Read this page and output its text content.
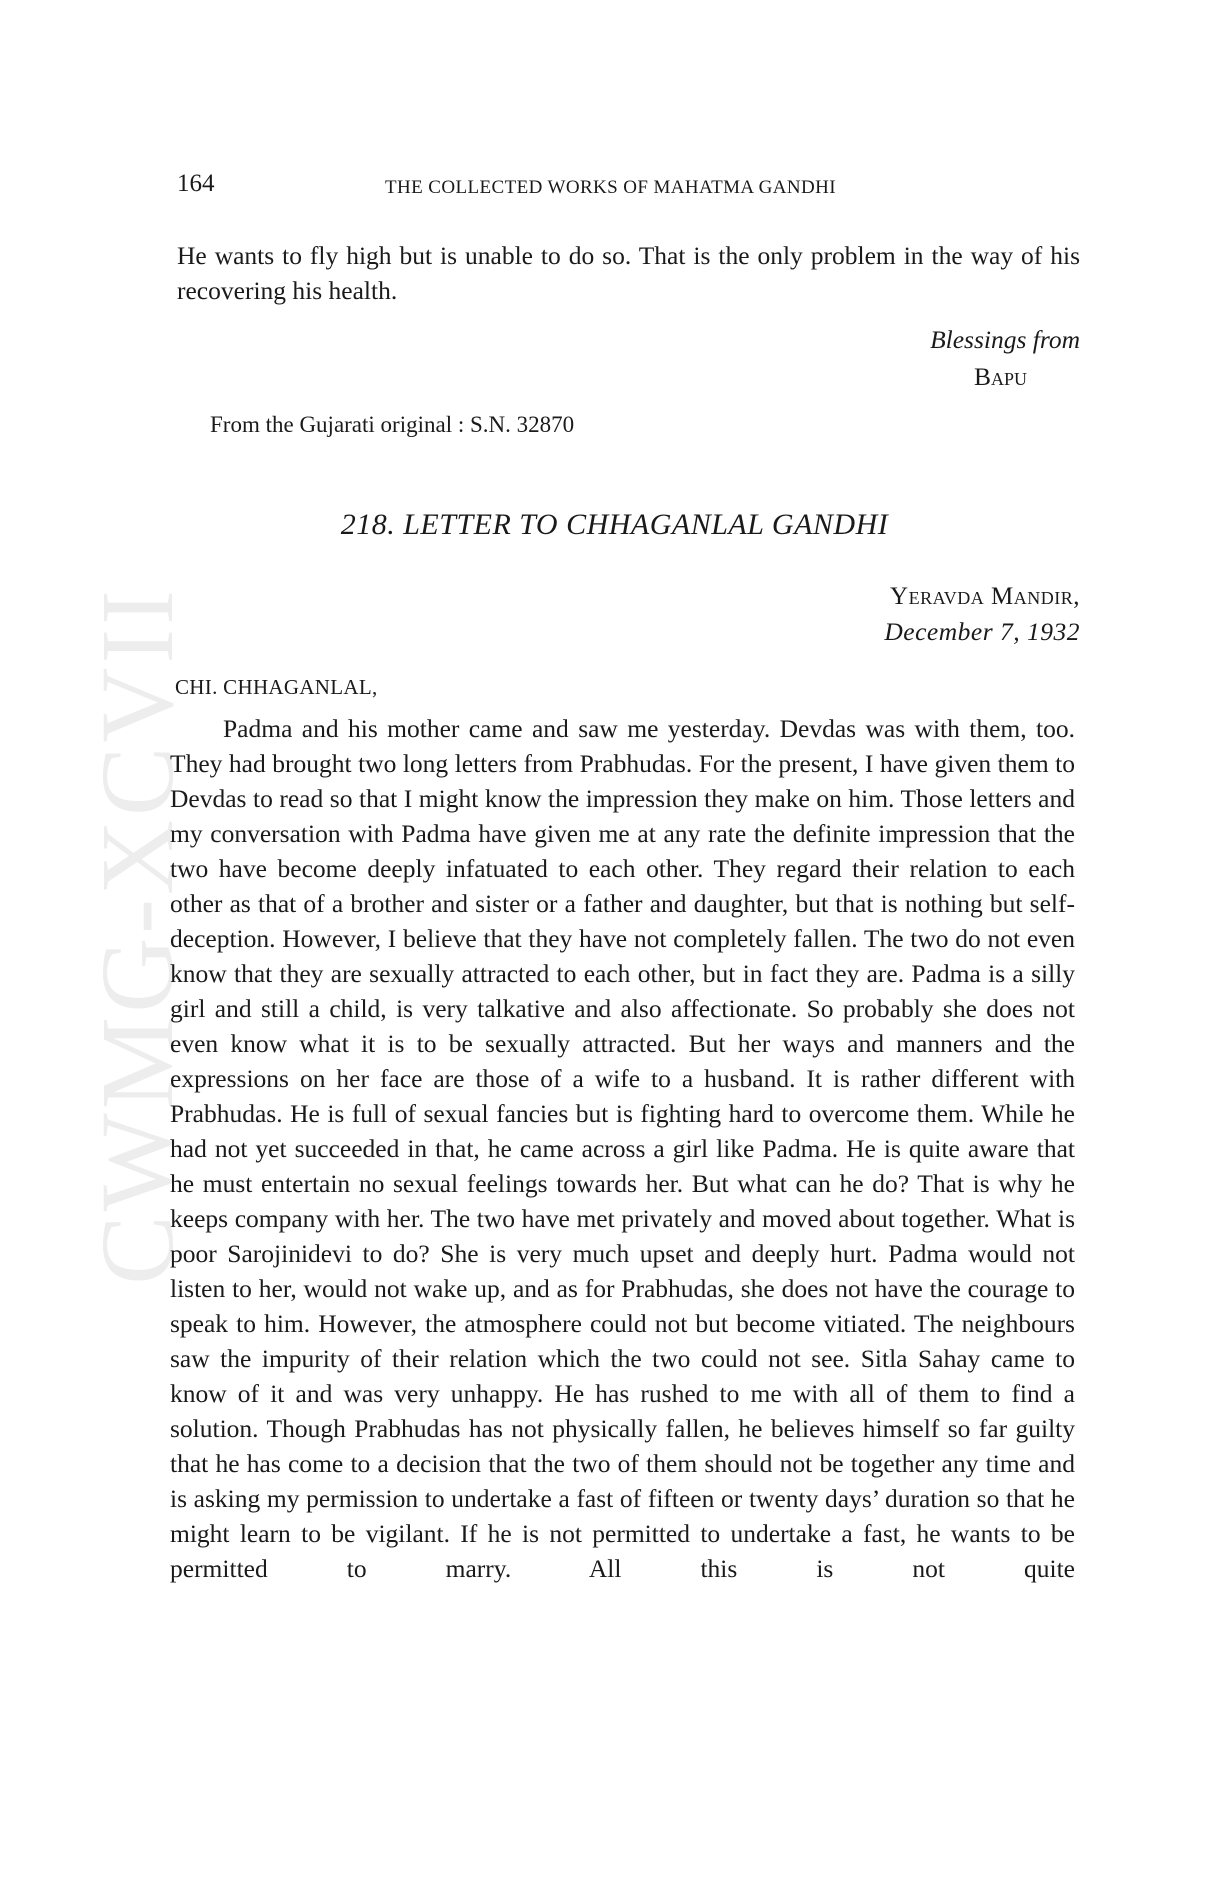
CWMG-XCVII
164	THE COLLECTED WORKS OF MAHATMA GANDHI

He wants to fly high but is unable to do so. That is the only problem in the way of his recovering his health.

Blessings from
Bapu
From the Gujarati original : S.N. 32870
218. LETTER TO CHHAGANLAL GANDHI
Yeravda Mandir,
December 7, 1932
CHI. CHHAGANLAL,

Padma and his mother came and saw me yesterday. Devdas was with them, too. They had brought two long letters from Prabhudas. For the present, I have given them to Devdas to read so that I might know the impression they make on him. Those letters and my conversation with Padma have given me at any rate the definite impression that the two have become deeply infatuated to each other. They regard their relation to each other as that of a brother and sister or a father and daughter, but that is nothing but self-deception. However, I believe that they have not completely fallen. The two do not even know that they are sexually attracted to each other, but in fact they are. Padma is a silly girl and still a child, is very talkative and also affectionate. So probably she does not even know what it is to be sexually attracted. But her ways and manners and the expressions on her face are those of a wife to a husband. It is rather different with Prabhudas. He is full of sexual fancies but is fighting hard to overcome them. While he had not yet succeeded in that, he came across a girl like Padma. He is quite aware that he must entertain no sexual feelings towards her. But what can he do? That is why he keeps company with her. The two have met privately and moved about together. What is poor Sarojinidevi to do? She is very much upset and deeply hurt. Padma would not listen to her, would not wake up, and as for Prabhudas, she does not have the courage to speak to him. However, the atmosphere could not but become vitiated. The neighbours saw the impurity of their relation which the two could not see. Sitla Sahay came to know of it and was very unhappy. He has rushed to me with all of them to find a solution. Though Prabhudas has not physically fallen, he believes himself so far guilty that he has come to a decision that the two of them should not be together any time and is asking my permission to undertake a fast of fifteen or twenty days’ duration so that he might learn to be vigilant. If he is not permitted to undertake a fast, he wants to be permitted to marry. All this is not quite
